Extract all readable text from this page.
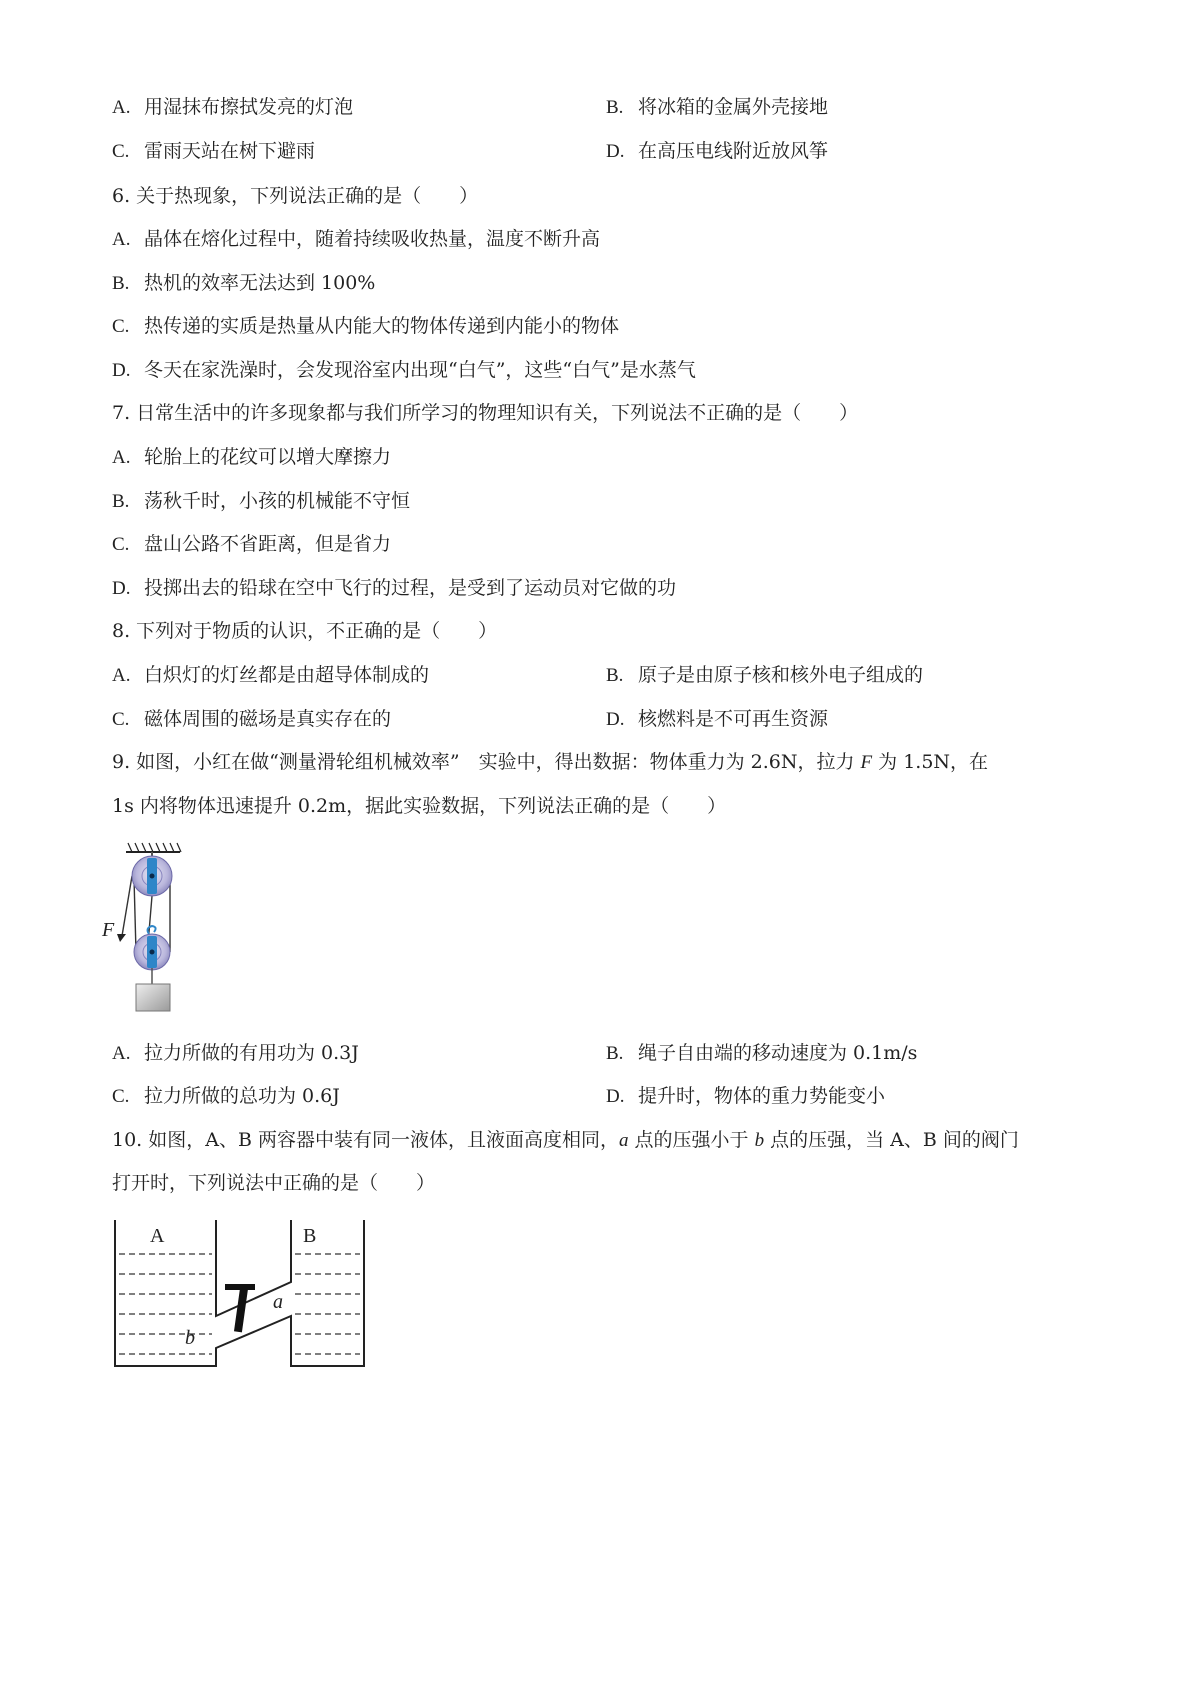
A. 用湿抹布擦拭发亮的灯泡	B. 将冰箱的金属外壳接地
C. 雷雨天站在树下避雨	D. 在高压电线附近放风筝
6. 关于热现象，下列说法正确的是（　　）
A. 晶体在熔化过程中，随着持续吸收热量，温度不断升高
B. 热机的效率无法达到 100%
C. 热传递的实质是热量从内能大的物体传递到内能小的物体
D. 冬天在家洗澡时，会发现浴室内出现“白气”，这些“白气”是水蒸气
7. 日常生活中的许多现象都与我们所学习的物理知识有关，下列说法不正确的是（　　）
A. 轮胎上的花纹可以增大摩擦力
B. 荡秋千时，小孩的机械能不守恒
C. 盘山公路不省距离，但是省力
D. 投掷出去的铅球在空中飞行的过程，是受到了运动员对它做的功
8. 下列对于物质的认识，不正确的是（　　）
A. 白炽灯的灯丝都是由超导体制成的	B. 原子是由原子核和核外电子组成的
C. 磁体周围的磁场是真实存在的	D. 核燃料是不可再生资源
9. 如图，小红在做“测量滑轮组机械效率”　实验中，得出数据：物体重力为 2.6N，拉力 F 为 1.5N，在
1s 内将物体迅速提升 0.2m，据此实验数据，下列说法正确的是（　　）
F
A. 拉力所做的有用功为 0.3J	B. 绳子自由端的移动速度为 0.1m/s
C. 拉力所做的总功为 0.6J	D. 提升时，物体的重力势能变小
10. 如图，A、B 两容器中装有同一液体，且液面高度相同，a 点的压强小于 b 点的压强，当 A、B 间的阀门
打开时，下列说法中正确的是（　　）
A	B
a
b
